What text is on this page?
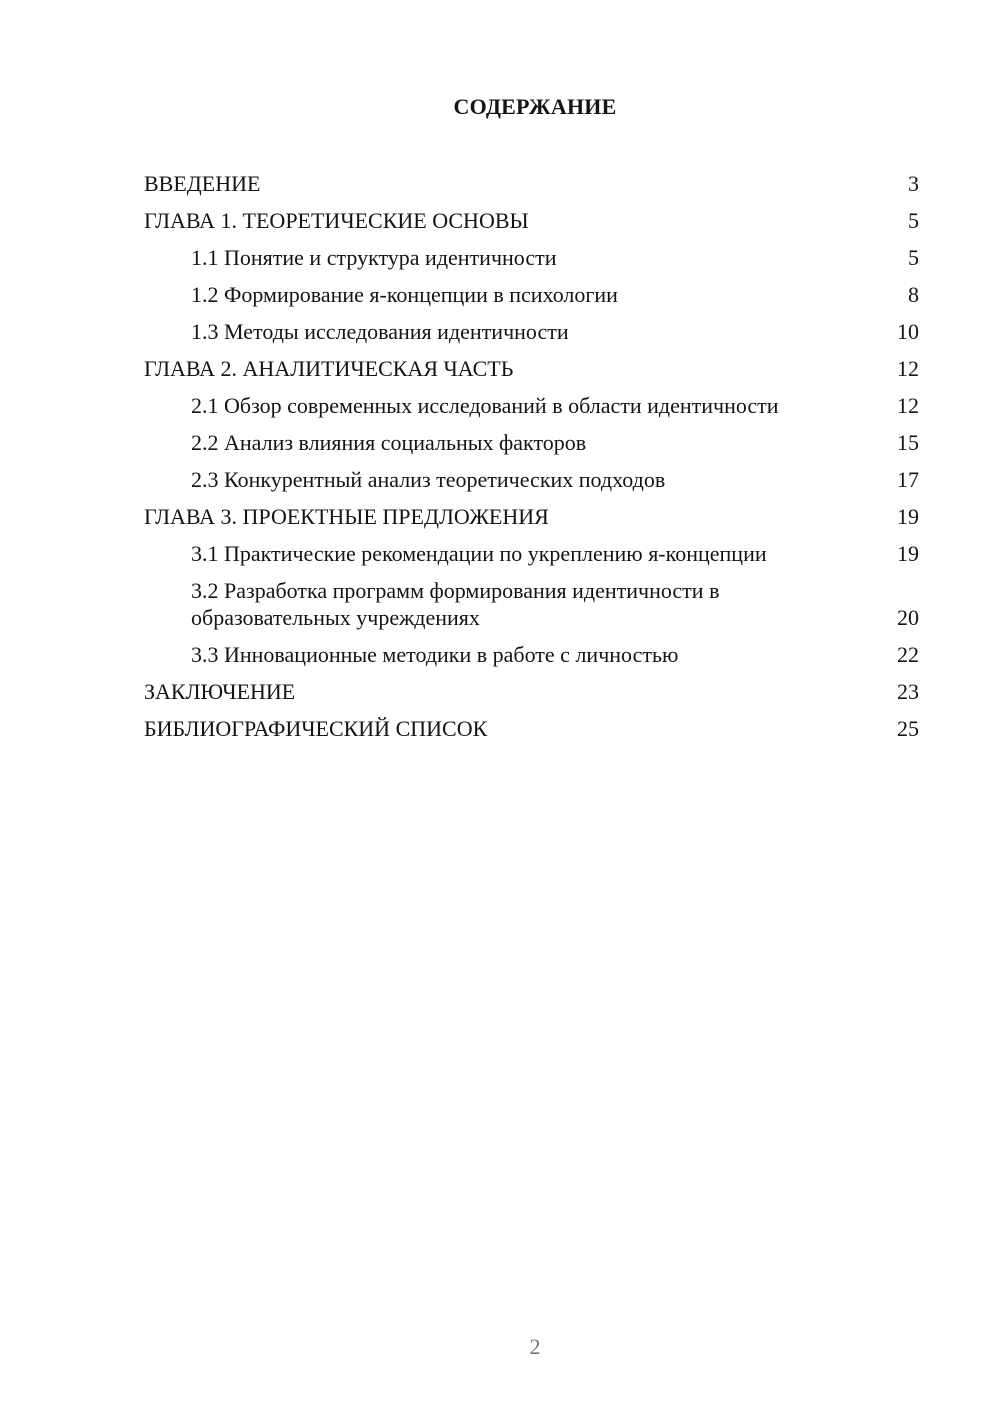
СОДЕРЖАНИЕ
ВВЕДЕНИЕ	3
ГЛАВА 1. ТЕОРЕТИЧЕСКИЕ ОСНОВЫ	5
1.1 Понятие и структура идентичности	5
1.2 Формирование я-концепции в психологии	8
1.3 Методы исследования идентичности	10
ГЛАВА 2. АНАЛИТИЧЕСКАЯ ЧАСТЬ	12
2.1 Обзор современных исследований в области идентичности	12
2.2 Анализ влияния социальных факторов	15
2.3 Конкурентный анализ теоретических подходов	17
ГЛАВА 3. ПРОЕКТНЫЕ ПРЕДЛОЖЕНИЯ	19
3.1 Практические рекомендации по укреплению я-концепции	19
3.2 Разработка программ формирования идентичности в образовательных учреждениях	20
3.3 Инновационные методики в работе с личностью	22
ЗАКЛЮЧЕНИЕ	23
БИБЛИОГРАФИЧЕСКИЙ СПИСОК	25
2
